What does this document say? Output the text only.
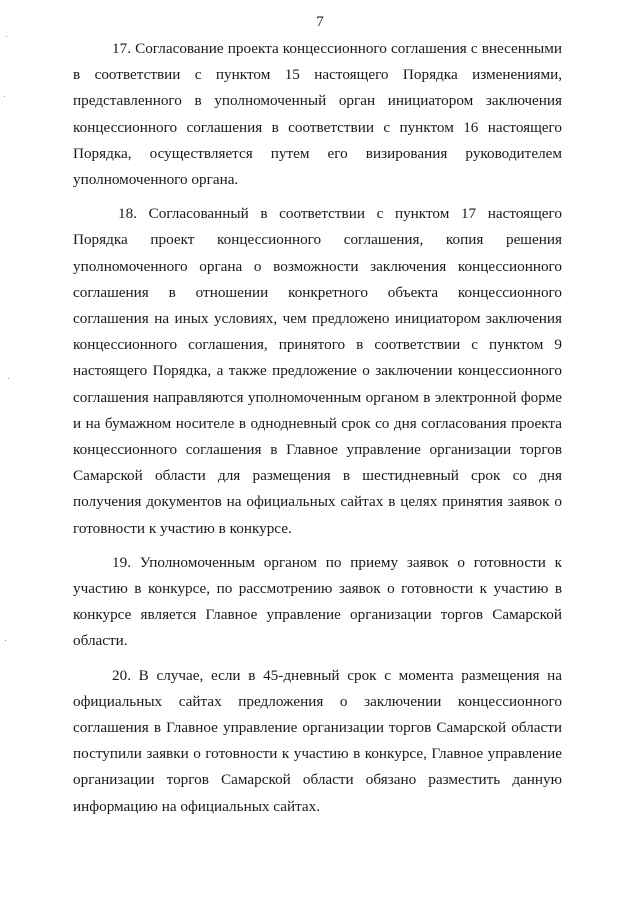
7

17. Согласование проекта концессионного соглашения с внесенными
в соответствии с пунктом 15 настоящего Порядка изменениями,
представленного в уполномоченный орган инициатором заключения
концессионного соглашения в соответствии с пунктом 16 настоящего
Порядка, осуществляется путем его визирования руководителем
уполномоченного органа.

18. Согласованный в соответствии с пунктом 17 настоящего
Порядка проект концессионного соглашения, копия решения
уполномоченного органа о возможности заключения концессионного
соглашения в отношении конкретного объекта концессионного
соглашения на иных условиях, чем предложено инициатором заключения
концессионного соглашения, принятого в соответствии с пунктом 9
настоящего Порядка, а также предложение о заключении концессионного
соглашения направляются уполномоченным органом в электронной форме
и на бумажном носителе в однодневный срок со дня согласования проекта
концессионного соглашения в Главное управление организации торгов
Самарской области для размещения в шестидневный срок со дня
получения документов на официальных сайтах в целях принятия заявок о
готовности к участию в конкурсе.

19. Уполномоченным органом по приему заявок о готовности к
участию в конкурсе, по рассмотрению заявок о готовности к участию в
конкурсе является Главное управление организации торгов Самарской
области.

20. В случае, если в 45-дневный срок с момента размещения на
официальных сайтах предложения о заключении концессионного
соглашения в Главное управление организации торгов Самарской области
поступили заявки о готовности к участию в конкурсе, Главное управление
организации торгов Самарской области обязано разместить данную
информацию на официальных сайтах.
